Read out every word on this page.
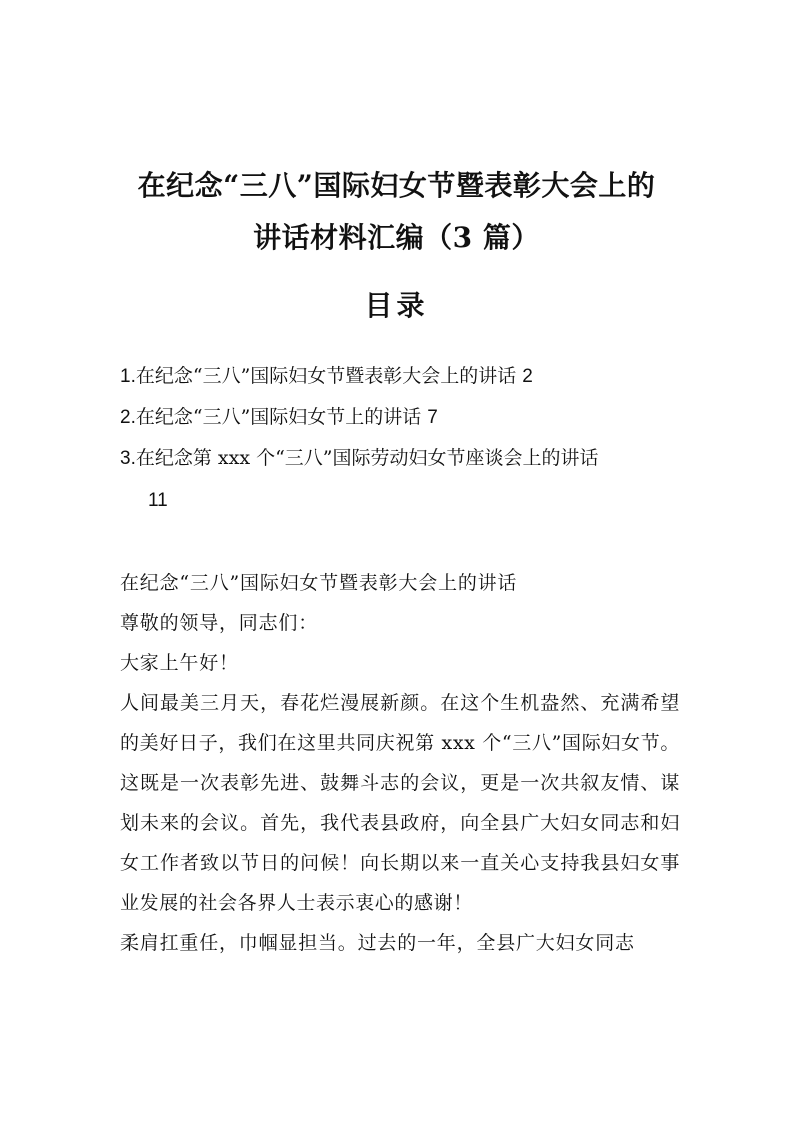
在纪念“三八”国际妇女节暨表彰大会上的
讲话材料汇编（3 篇）
目录
1.在纪念“三八”国际妇女节暨表彰大会上的讲话 2
2.在纪念“三八”国际妇女节上的讲话 7
3.在纪念第 xxx 个“三八”国际劳动妇女节座谈会上的讲话
11
在纪念“三八”国际妇女节暨表彰大会上的讲话
尊敬的领导，同志们：
大家上午好！
人间最美三月天，春花烂漫展新颜。在这个生机盎然、充满希望的美好日子，我们在这里共同庆祝第 xxx 个“三八”国际妇女节。这既是一次表彰先进、鼓舞斗志的会议，更是一次共叙友情、谋划未来的会议。首先，我代表县政府，向全县广大妇女同志和妇女工作者致以节日的问候！向长期以来一直关心支持我县妇女事业发展的社会各界人士表示衷心的感谢！
柔肩扛重任，巾帼显担当。过去的一年，全县广大妇女同志
